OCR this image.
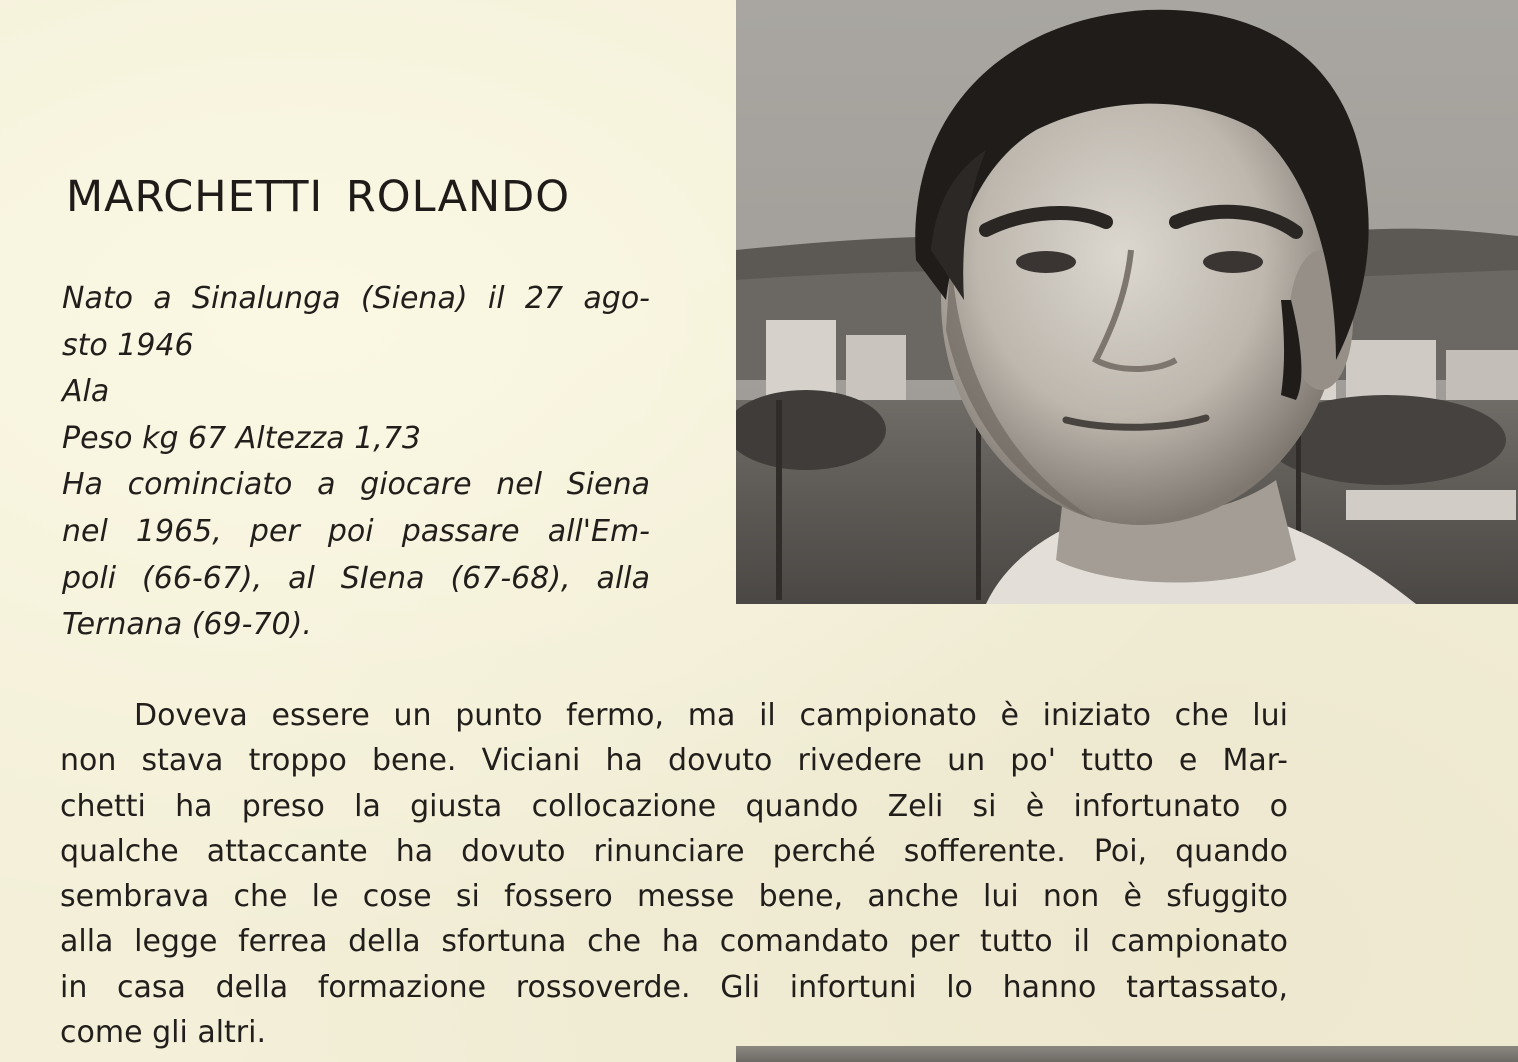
MARCHETTI ROLANDO
Nato a Sinalunga (Siena) il 27 ago-
sto 1946
Ala
Peso kg 67 Altezza 1,73
Ha cominciato a giocare nel Siena
nel 1965, per poi passare all'Em-
poli (66-67), al SIena (67-68), alla
Ternana (69-70).
Doveva essere un punto fermo, ma il campionato è iniziato che lui
non stava troppo bene. Viciani ha dovuto rivedere un po' tutto e Mar-
chetti ha preso la giusta collocazione quando Zeli si è infortunato o
qualche attaccante ha dovuto rinunciare perché sofferente. Poi, quando
sembrava che le cose si fossero messe bene, anche lui non è sfuggito
alla legge ferrea della sfortuna che ha comandato per tutto il campionato
in casa della formazione rossoverde. Gli infortuni lo hanno tartassato,
come gli altri.
